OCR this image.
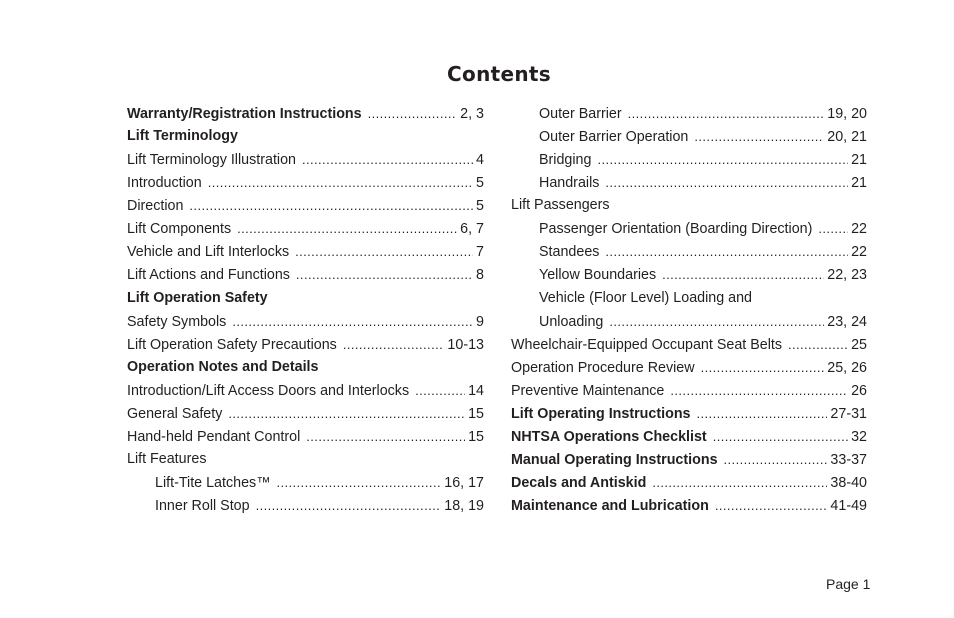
Contents
Warranty/Registration Instructions .....	2, 3
Lift Terminology
Lift Terminology Illustration .....	4
Introduction .....	5
Direction .....	5
Lift Components .....	6, 7
Vehicle and Lift Interlocks .....	7
Lift Actions and Functions .....	8
Lift Operation Safety
Safety Symbols .....	9
Lift Operation Safety Precautions .....	10-13
Operation Notes and Details
Introduction/Lift Access Doors and Interlocks .....	14
General Safety .....	15
Hand-held Pendant Control .....	15
Lift Features
Lift-Tite Latches™ .....	16, 17
Inner Roll Stop .....	18, 19
Outer Barrier .....	19, 20
Outer Barrier Operation .....	20, 21
Bridging .....	21
Handrails .....	21
Lift Passengers
Passenger Orientation (Boarding Direction) .....	22
Standees .....	22
Yellow Boundaries .....	22, 23
Vehicle (Floor Level) Loading and
Unloading .....	23, 24
Wheelchair-Equipped Occupant Seat Belts .....	25
Operation Procedure Review .....	25, 26
Preventive Maintenance .....	26
Lift Operating Instructions .....	27-31
NHTSA Operations Checklist .....	32
Manual Operating Instructions .....	33-37
Decals and Antiskid .....	38-40
Maintenance and Lubrication .....	41-49
Page 1
